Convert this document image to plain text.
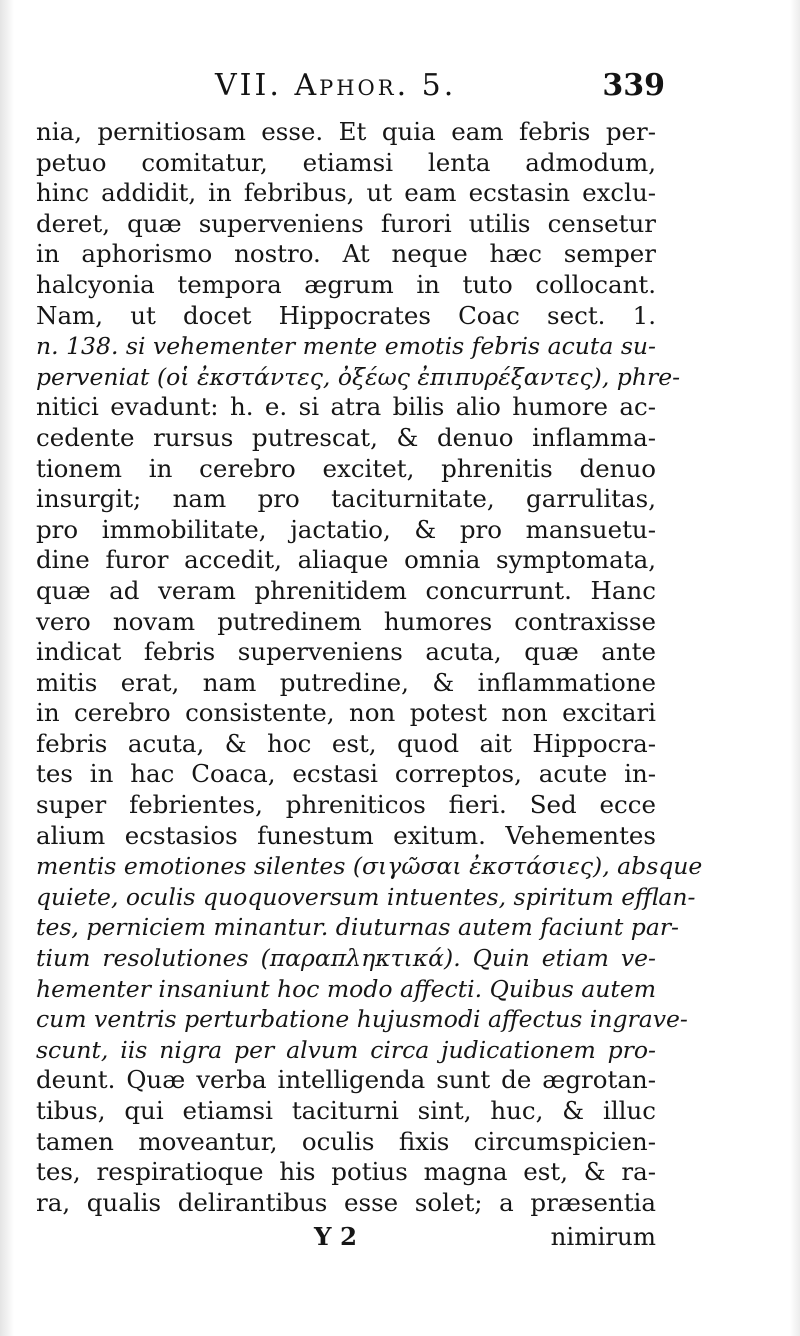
VII. Aphor. 5.	339
nia, pernitiosam esse. Et quia eam febris per-
petuo comitatur, etiamsi lenta admodum,
hinc addidit, in febribus, ut eam ecstasin exclu-
deret, quæ superveniens furori utilis censetur
in aphorismo nostro. At neque hæc semper
halcyonia tempora ægrum in tuto collocant.
Nam, ut docet Hippocrates Coac sect. 1.
n. 138. si vehementer mente emotis febris acuta su-
perveniat (οἱ ἐκστάντες, ὀξέως ἐπιπυρέξαντες), phre-
nitici evadunt: h. e. si atra bilis alio humore ac-
cedente rursus putrescat, & denuo inflamma-
tionem in cerebro excitet, phrenitis denuo
insurgit; nam pro taciturnitate, garrulitas,
pro immobilitate, jactatio, & pro mansuetu-
dine furor accedit, aliaque omnia symptomata,
quæ ad veram phrenitidem concurrunt. Hanc
vero novam putredinem humores contraxisse
indicat febris superveniens acuta, quæ ante
mitis erat, nam putredine, & inflammatione
in cerebro consistente, non potest non excitari
febris acuta, & hoc est, quod ait Hippocra-
tes in hac Coaca, ecstasi correptos, acute in-
super febrientes, phreniticos fieri. Sed ecce
alium ecstasios funestum exitum. Vehementes
mentis emotiones silentes (σιγῶσαι ἐκστάσιες), absque
quiete, oculis quoquoversum intuentes, spiritum efflan-
tes, perniciem minantur. diuturnas autem faciunt par-
tium resolutiones (παραπληκτικά). Quin etiam ve-
hementer insaniunt hoc modo affecti. Quibus autem
cum ventris perturbatione hujusmodi affectus ingrave-
scunt, iis nigra per alvum circa judicationem pro-
deunt. Quæ verba intelligenda sunt de ægrotan-
tibus, qui etiamsi taciturni sint, huc, & illuc
tamen moveantur, oculis fixis circumspicien-
tes, respiratioque his potius magna est, & ra-
ra, qualis delirantibus esse solet; a præsentia
Y 2	nimirum
